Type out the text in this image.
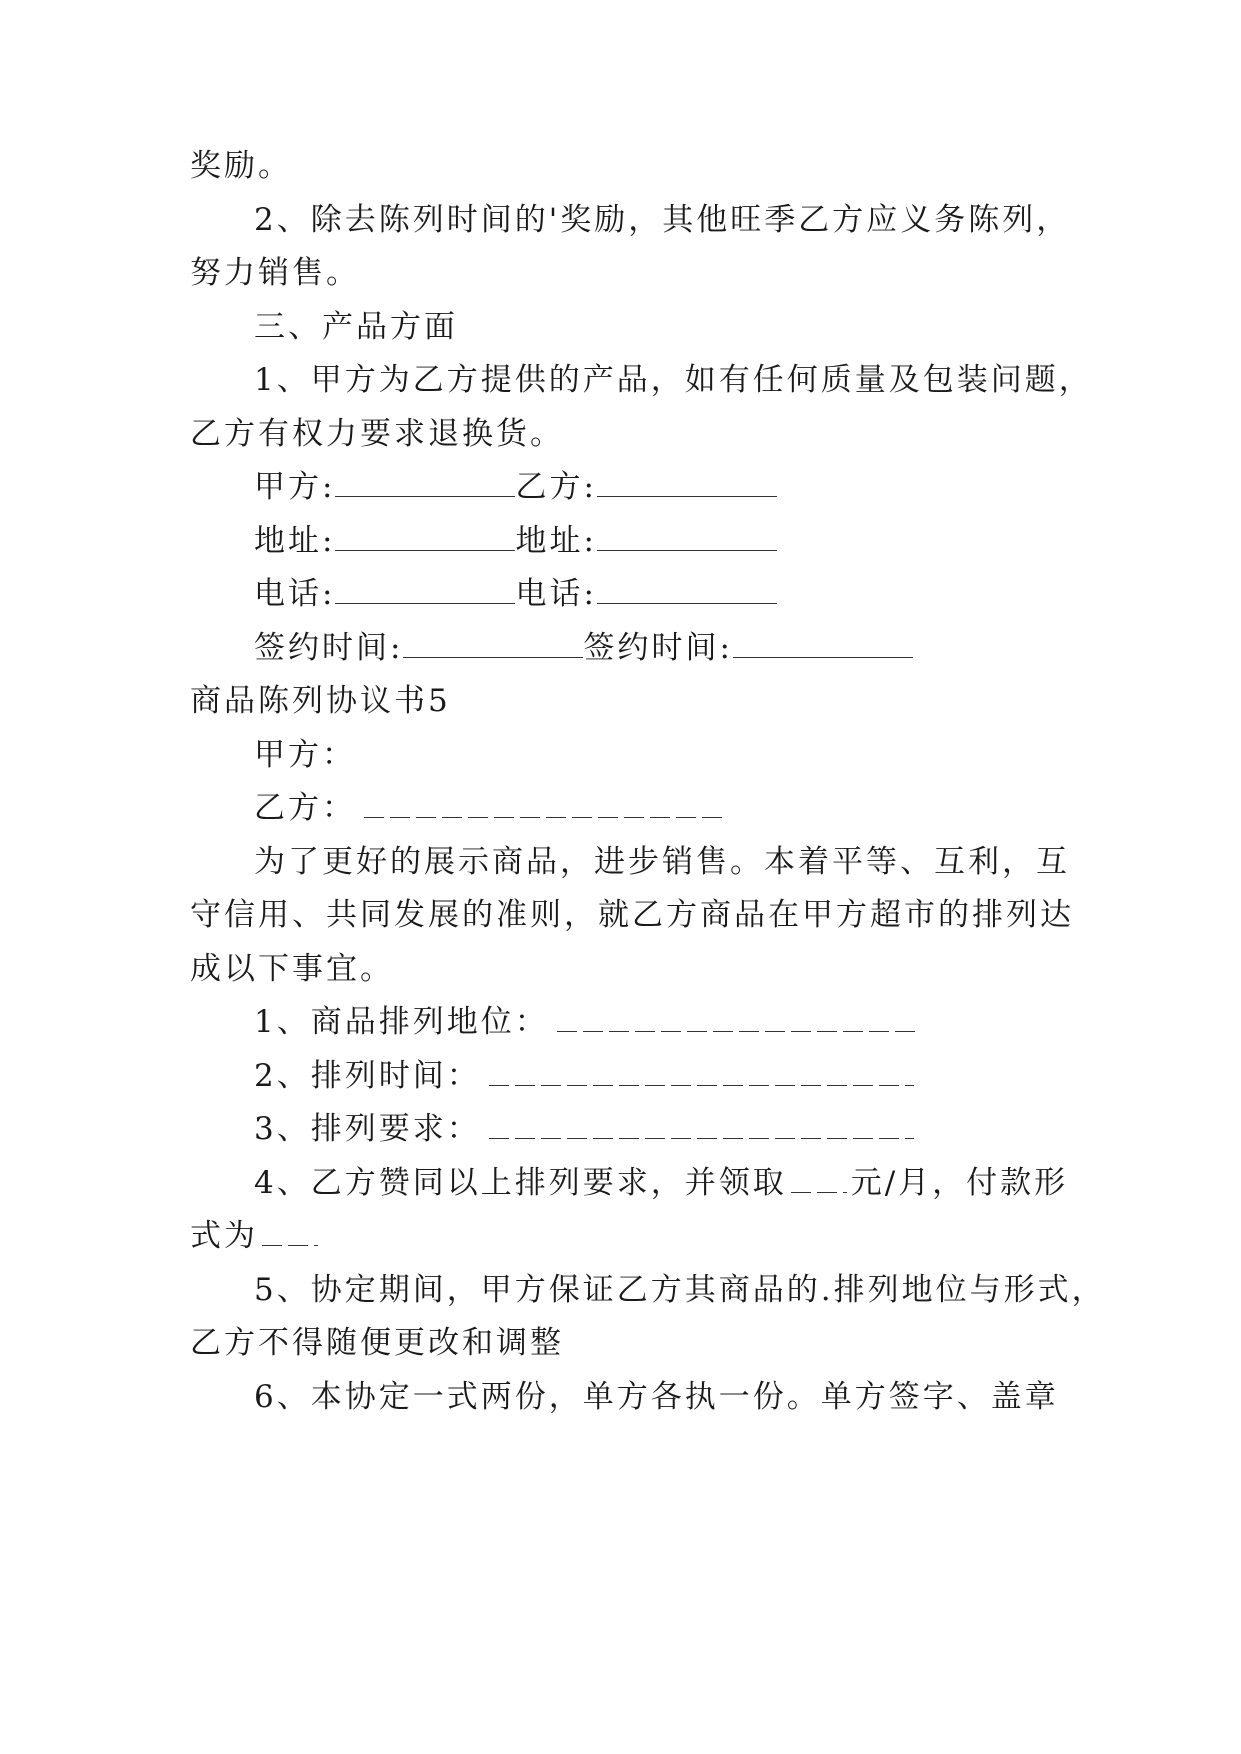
奖励。
2、除去陈列时间的'奖励，其他旺季乙方应义务陈列，
努力销售。
三、产品方面
1、甲方为乙方提供的产品，如有任何质量及包装问题，
乙方有权力要求退换货。
甲方:	乙方:
地址:	地址:
电话:	电话:
签约时间:	签约时间:
商品陈列协议书5
甲方：
乙方：
为了更好的展示商品，进步销售。本着平等、互利，互
守信用、共同发展的准则，就乙方商品在甲方超市的排列达
成以下事宜。
1、商品排列地位：
2、排列时间：
3、排列要求：
4、乙方赞同以上排列要求，并领取 元/月，付款形
式为
5、协定期间，甲方保证乙方其商品的.排列地位与形式，
乙方不得随便更改和调整
6、本协定一式两份，单方各执一份。单方签字、盖章
